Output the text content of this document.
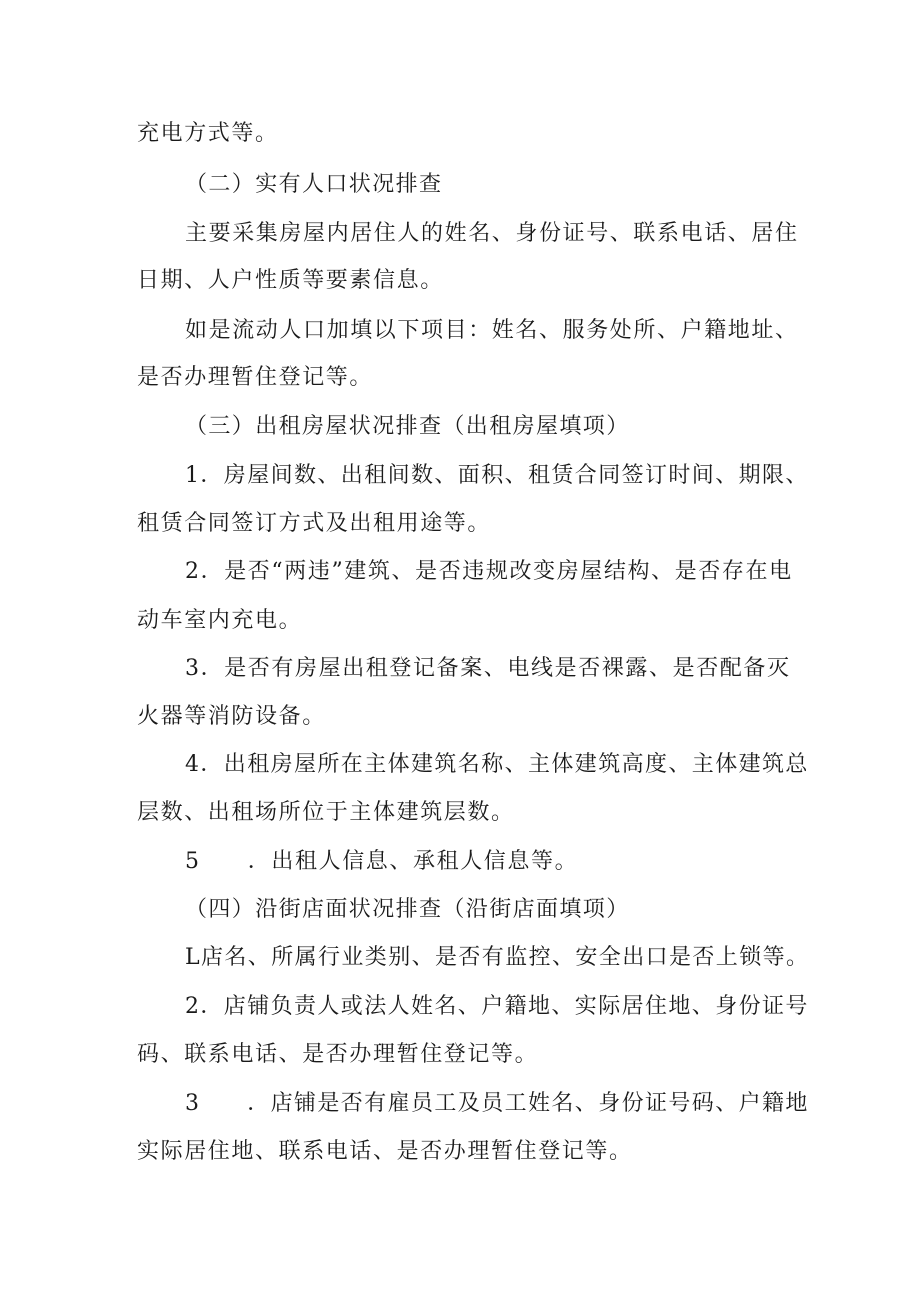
充电方式等。
（二）实有人口状况排查
主要采集房屋内居住人的姓名、身份证号、联系电话、居住
日期、人户性质等要素信息。
如是流动人口加填以下项目：姓名、服务处所、户籍地址、
是否办理暂住登记等。
（三）出租房屋状况排查（出租房屋填项）
1．房屋间数、出租间数、面积、租赁合同签订时间、期限、
租赁合同签订方式及出租用途等。
2．是否“两违”建筑、是否违规改变房屋结构、是否存在电
动车室内充电。
3．是否有房屋出租登记备案、电线是否裸露、是否配备灭
火器等消防设备。
4．出租房屋所在主体建筑名称、主体建筑高度、主体建筑总
层数、出租场所位于主体建筑层数。
5　　．出租人信息、承租人信息等。
（四）沿街店面状况排查（沿街店面填项）
L店名、所属行业类别、是否有监控、安全出口是否上锁等。
2．店铺负责人或法人姓名、户籍地、实际居住地、身份证号
码、联系电话、是否办理暂住登记等。
3　　．店铺是否有雇员工及员工姓名、身份证号码、户籍地
实际居住地、联系电话、是否办理暂住登记等。
